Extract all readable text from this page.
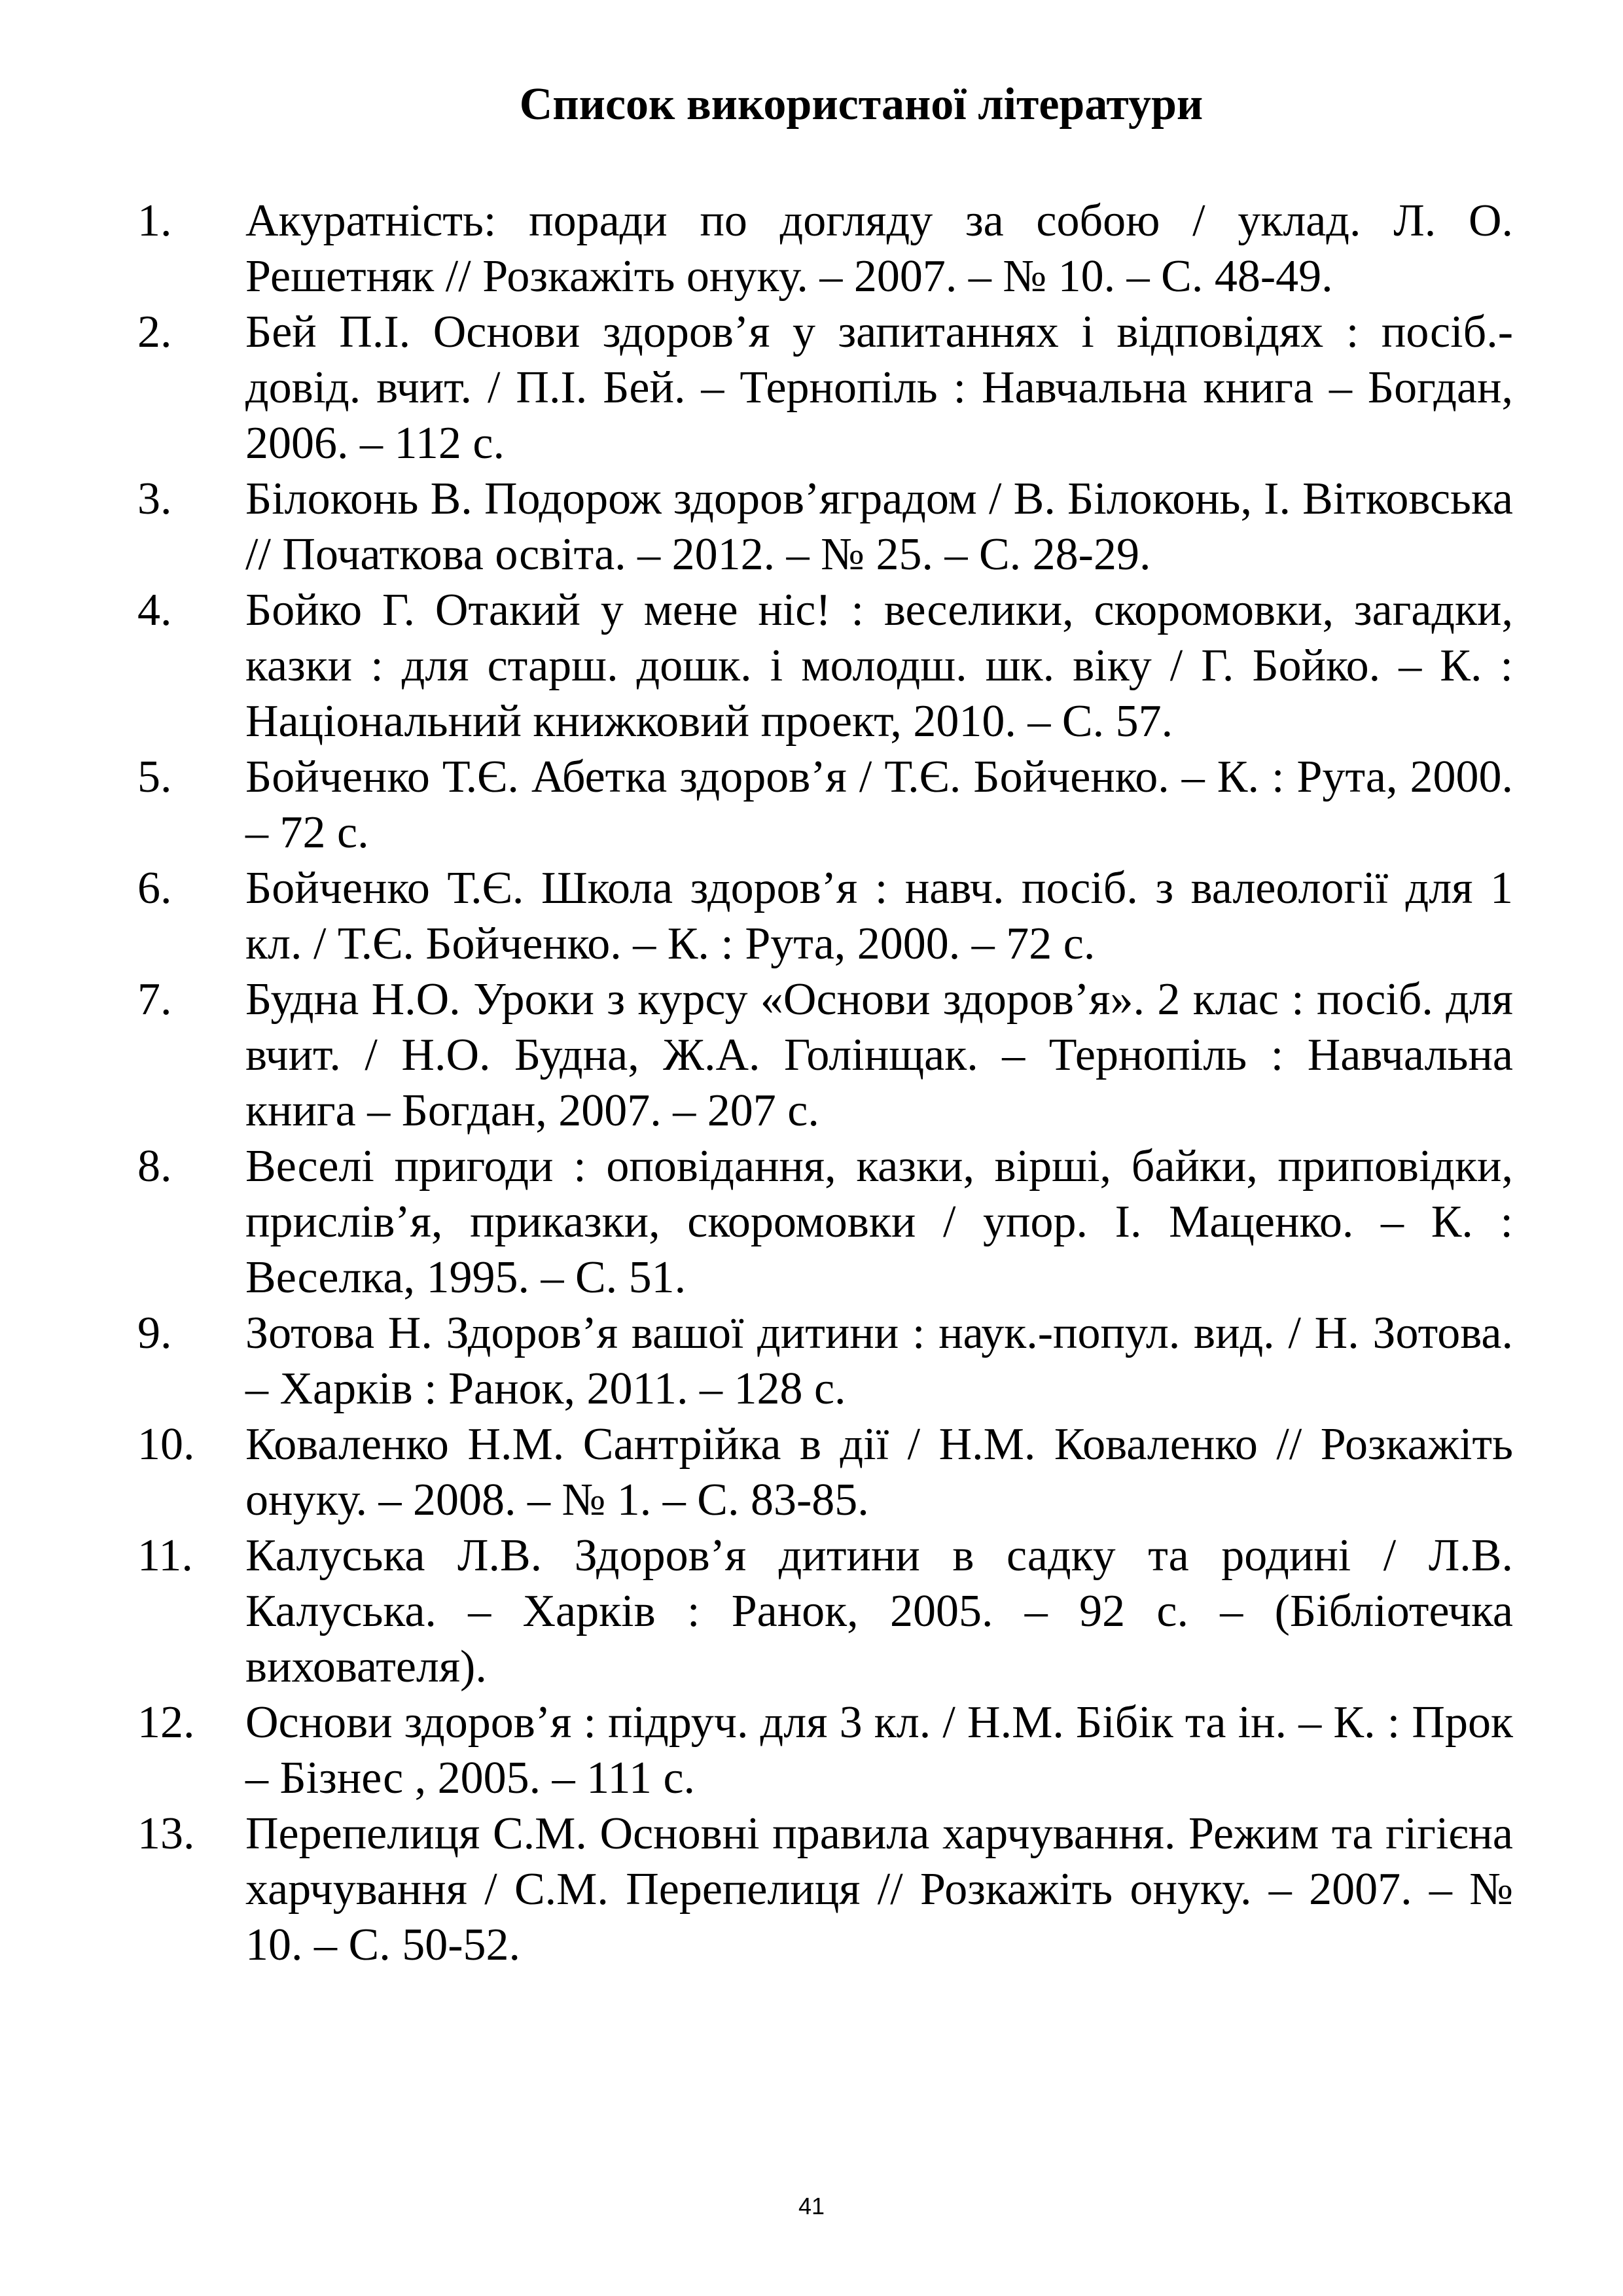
Список використаної літератури
1.	Акуратність: поради по догляду за собою / уклад. Л. О. Решетняк // Розкажіть онуку. – 2007. – № 10. – С. 48-49.
2.	Бей П.І. Основи здоров’я у запитаннях і відповідях : посіб.-довід. вчит. / П.І. Бей. – Тернопіль : Навчальна книга – Богдан, 2006. – 112 с.
3.	Білоконь В. Подорож здоров’яградом / В. Білоконь, І. Вітковська // Початкова освіта. – 2012. – № 25. – С. 28-29.
4.	Бойко Г. Отакий у мене ніс! : веселики, скоромовки, загадки, казки : для старш. дошк. і молодш. шк. віку / Г. Бойко. – К. : Національний книжковий проект, 2010. – С. 57.
5.	Бойченко Т.Є. Абетка здоров’я / Т.Є. Бойченко. – К. : Рута, 2000. – 72 с.
6.	Бойченко Т.Є. Школа здоров’я : навч. посіб. з валеології для 1 кл. / Т.Є. Бойченко. – К. : Рута, 2000. – 72 с.
7.	Будна Н.О. Уроки з курсу «Основи здоров’я». 2 клас : посіб. для вчит. / Н.О. Будна, Ж.А. Голінщак. – Тернопіль : Навчальна книга – Богдан, 2007. – 207 с.
8.	Веселі пригоди : оповідання, казки, вірші, байки, приповідки, прислів’я, приказки, скоромовки / упор. І. Маценко. – К. : Веселка, 1995. – С. 51.
9.	Зотова Н. Здоров’я вашої дитини : наук.-попул. вид. / Н. Зотова. – Харків : Ранок, 2011. – 128 с.
10.	Коваленко Н.М. Сантрійка в дії / Н.М. Коваленко // Розкажіть онуку. – 2008. – № 1. – С. 83-85.
11.	Калуська Л.В. Здоров’я дитини в садку та родині / Л.В. Калуська. – Харків : Ранок, 2005. – 92 с. – (Бібліотечка вихователя).
12.	Основи здоров’я : підруч. для 3 кл. / Н.М. Бібік та ін. – К. : Прок – Бізнес , 2005. – 111 с.
13.	Перепелиця С.М. Основні правила харчування. Режим та гігієна харчування / С.М. Перепелиця // Розкажіть онуку. – 2007. – № 10. – С. 50-52.
41
